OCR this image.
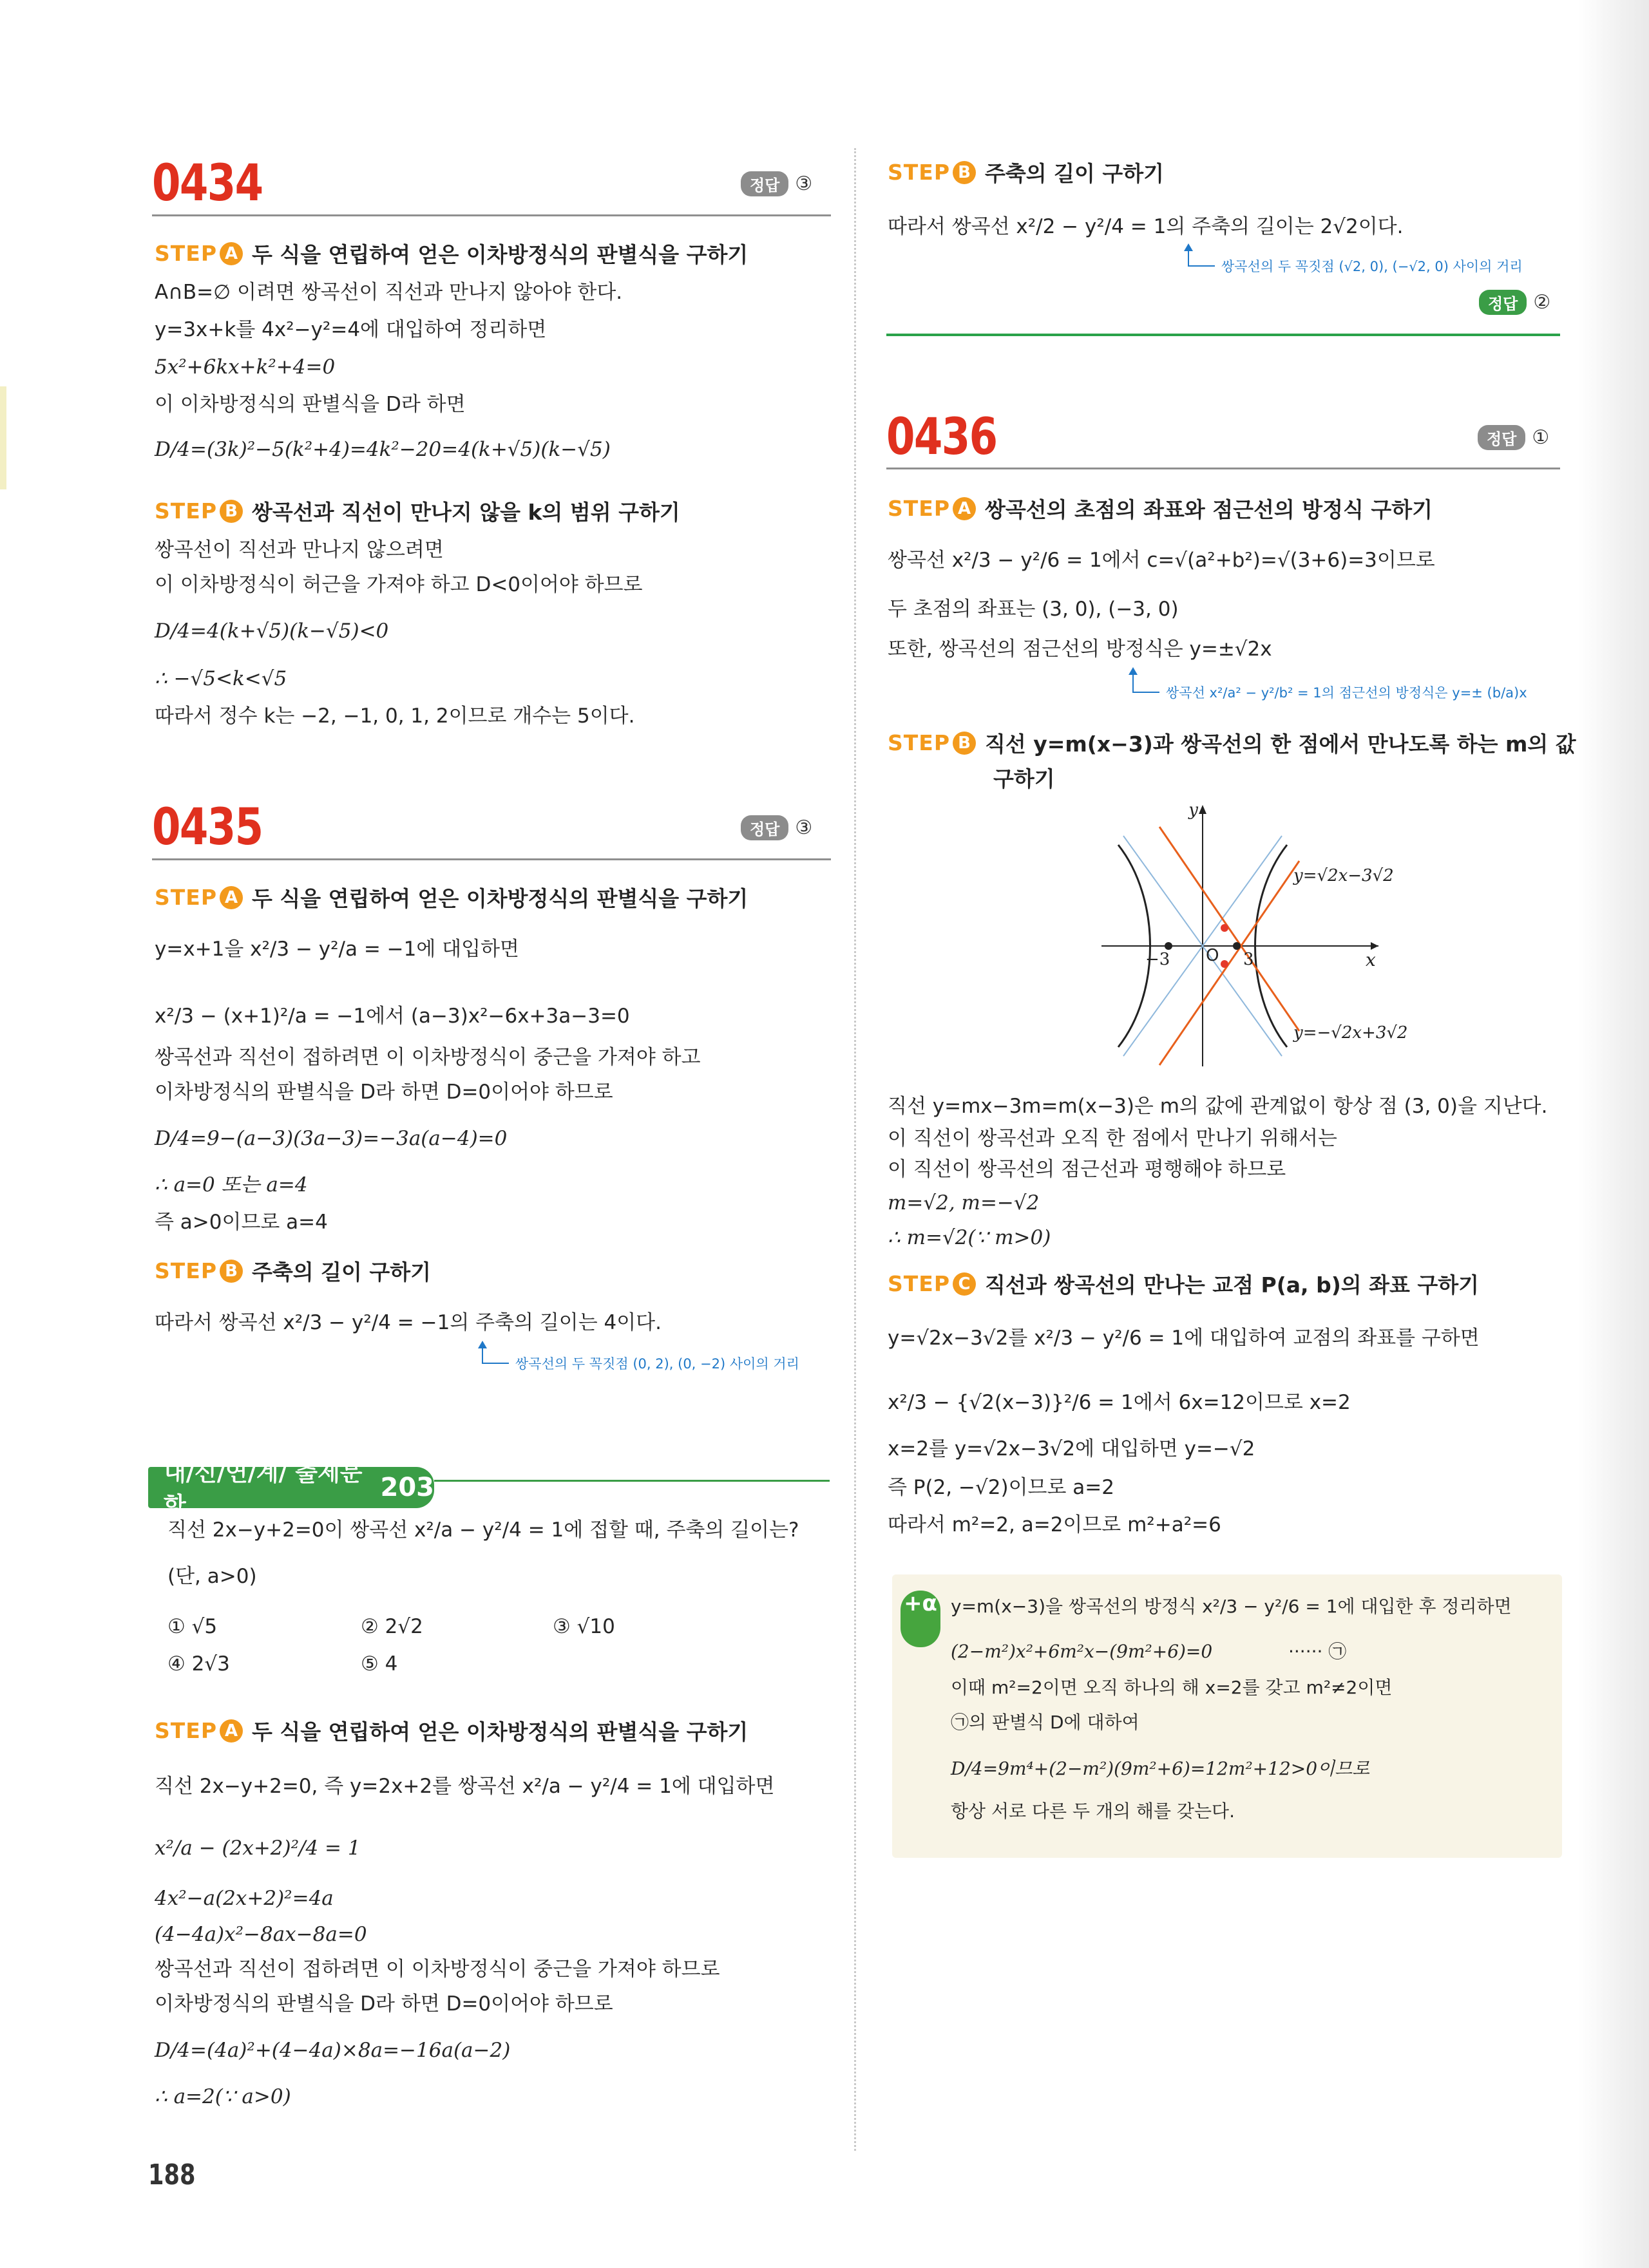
0434	정답 ③
STEP A 두 식을 연립하여 얻은 이차방정식의 판별식을 구하기
A∩B=∅ 이려면 쌍곡선이 직선과 만나지 않아야 한다.
y=3x+k를 4x²−y²=4에 대입하여 정리하면
5x²+6kx+k²+4=0
이 이차방정식의 판별식을 D라 하면
D/4=(3k)²−5(k²+4)=4k²−20=4(k+√5)(k−√5)
STEP B 쌍곡선과 직선이 만나지 않을 k의 범위 구하기
쌍곡선이 직선과 만나지 않으려면
이 이차방정식이 허근을 가져야 하고 D<0이어야 하므로
D/4=4(k+√5)(k−√5)<0
∴ −√5<k<√5
따라서 정수 k는 −2, −1, 0, 1, 2이므로 개수는 5이다.
0435	정답 ③
STEP A 두 식을 연립하여 얻은 이차방정식의 판별식을 구하기
y=x+1을 x²/3 − y²/a = −1에 대입하면
x²/3 − (x+1)²/a = −1에서 (a−3)x²−6x+3a−3=0
쌍곡선과 직선이 접하려면 이 이차방정식이 중근을 가져야 하고
이차방정식의 판별식을 D라 하면 D=0이어야 하므로
D/4=9−(a−3)(3a−3)=−3a(a−4)=0
∴ a=0 또는 a=4
즉 a>0이므로 a=4
STEP B 주축의 길이 구하기
따라서 쌍곡선 x²/3 − y²/4 = −1의 주축의 길이는 4이다.
쌍곡선의 두 꼭짓점 (0, 2), (0, −2) 사이의 거리
내/신/연/계/ 출제문항
203
직선 2x−y+2=0이 쌍곡선 x²/a − y²/4 = 1에 접할 때, 주축의 길이는?
(단, a>0)
① √5	② 2√2	③ √10
④ 2√3	⑤ 4
STEP A 두 식을 연립하여 얻은 이차방정식의 판별식을 구하기
직선 2x−y+2=0, 즉 y=2x+2를 쌍곡선 x²/a − y²/4 = 1에 대입하면
x²/a − (2x+2)²/4 = 1
4x²−a(2x+2)²=4a
(4−4a)x²−8ax−8a=0
쌍곡선과 직선이 접하려면 이 이차방정식이 중근을 가져야 하므로
이차방정식의 판별식을 D라 하면 D=0이어야 하므로
D/4=(4a)²+(4−4a)×8a=−16a(a−2)
∴ a=2(∵ a>0)
188
STEP B 주축의 길이 구하기
따라서 쌍곡선 x²/2 − y²/4 = 1의 주축의 길이는 2√2이다.
쌍곡선의 두 꼭짓점 (√2, 0), (−√2, 0) 사이의 거리
정답 ②
0436	정답 ①
STEP A 쌍곡선의 초점의 좌표와 점근선의 방정식 구하기
쌍곡선 x²/3 − y²/6 = 1에서 c=√(a²+b²)=√(3+6)=3이므로
두 초점의 좌표는 (3, 0), (−3, 0)
또한, 쌍곡선의 점근선의 방정식은 y=±√2x
쌍곡선 x²/a² − y²/b² = 1의 점근선의 방정식은 y=± (b/a)x
STEP B 직선 y=m(x−3)과 쌍곡선의 한 점에서 만나도록 하는 m의 값
구하기
y
x
O
−3	3
y=√2x−3√2
y=−√2x+3√2
직선 y=mx−3m=m(x−3)은 m의 값에 관계없이 항상 점 (3, 0)을 지난다.
이 직선이 쌍곡선과 오직 한 점에서 만나기 위해서는
이 직선이 쌍곡선의 점근선과 평행해야 하므로
m=√2, m=−√2
∴ m=√2(∵ m>0)
STEP C 직선과 쌍곡선의 만나는 교점 P(a, b)의 좌표 구하기
y=√2x−3√2를 x²/3 − y²/6 = 1에 대입하여 교점의 좌표를 구하면
x²/3 − {√2(x−3)}²/6 = 1에서 6x=12이므로 x=2
x=2를 y=√2x−3√2에 대입하면 y=−√2
즉 P(2, −√2)이므로 a=2
따라서 m²=2, a=2이므로 m²+a²=6
+α y=m(x−3)을 쌍곡선의 방정식 x²/3 − y²/6 = 1에 대입한 후 정리하면
(2−m²)x²+6m²x−(9m²+6)=0	······ ㉠
이때 m²=2이면 오직 하나의 해 x=2를 갖고 m²≠2이면
㉠의 판별식 D에 대하여
D/4=9m⁴+(2−m²)(9m²+6)=12m²+12>0이므로
항상 서로 다른 두 개의 해를 갖는다.
